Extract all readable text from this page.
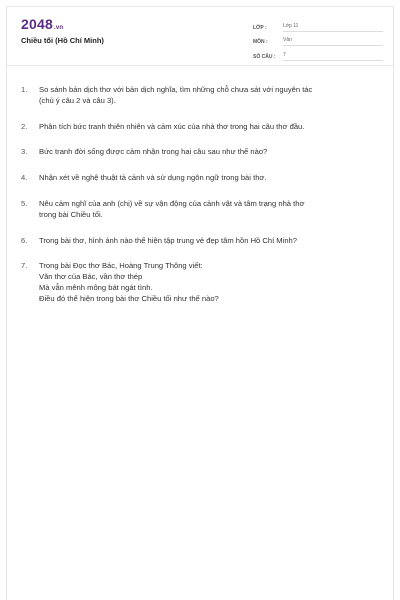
2048.vn
Chiều tối (Hồ Chí Minh)
LỚP :	Lớp 11
MÔN :	Văn
SỐ CÂU :	7
1.	So sánh bản dịch thơ với bản dịch nghĩa, tìm những chỗ chưa sát với nguyên tác
(chú ý câu 2 và câu 3).
2.	Phân tích bức tranh thiên nhiên và cảm xúc của nhà thơ trong hai câu thơ đầu.
3.	Bức tranh đời sống được cảm nhận trong hai câu sau như thế nào?
4.	Nhận xét về nghệ thuật tả cảnh và sử dụng ngôn ngữ trong bài thơ.
5.	Nêu cảm nghĩ của anh (chị) về sự vận động của cảnh vật và tâm trạng nhà thơ
trong bài Chiều tối.
6.	Trong bài thơ, hình ảnh nào thể hiện tập trung vẻ đẹp tâm hồn Hồ Chí Minh?
7.	Trong bài Đọc thơ Bác, Hoàng Trung Thông viết:
Văn thơ của Bác, vần thơ thép
Mà vẫn mênh mông bát ngát tình.
Điều đó thể hiện trong bài thơ Chiều tối như thế nào?
